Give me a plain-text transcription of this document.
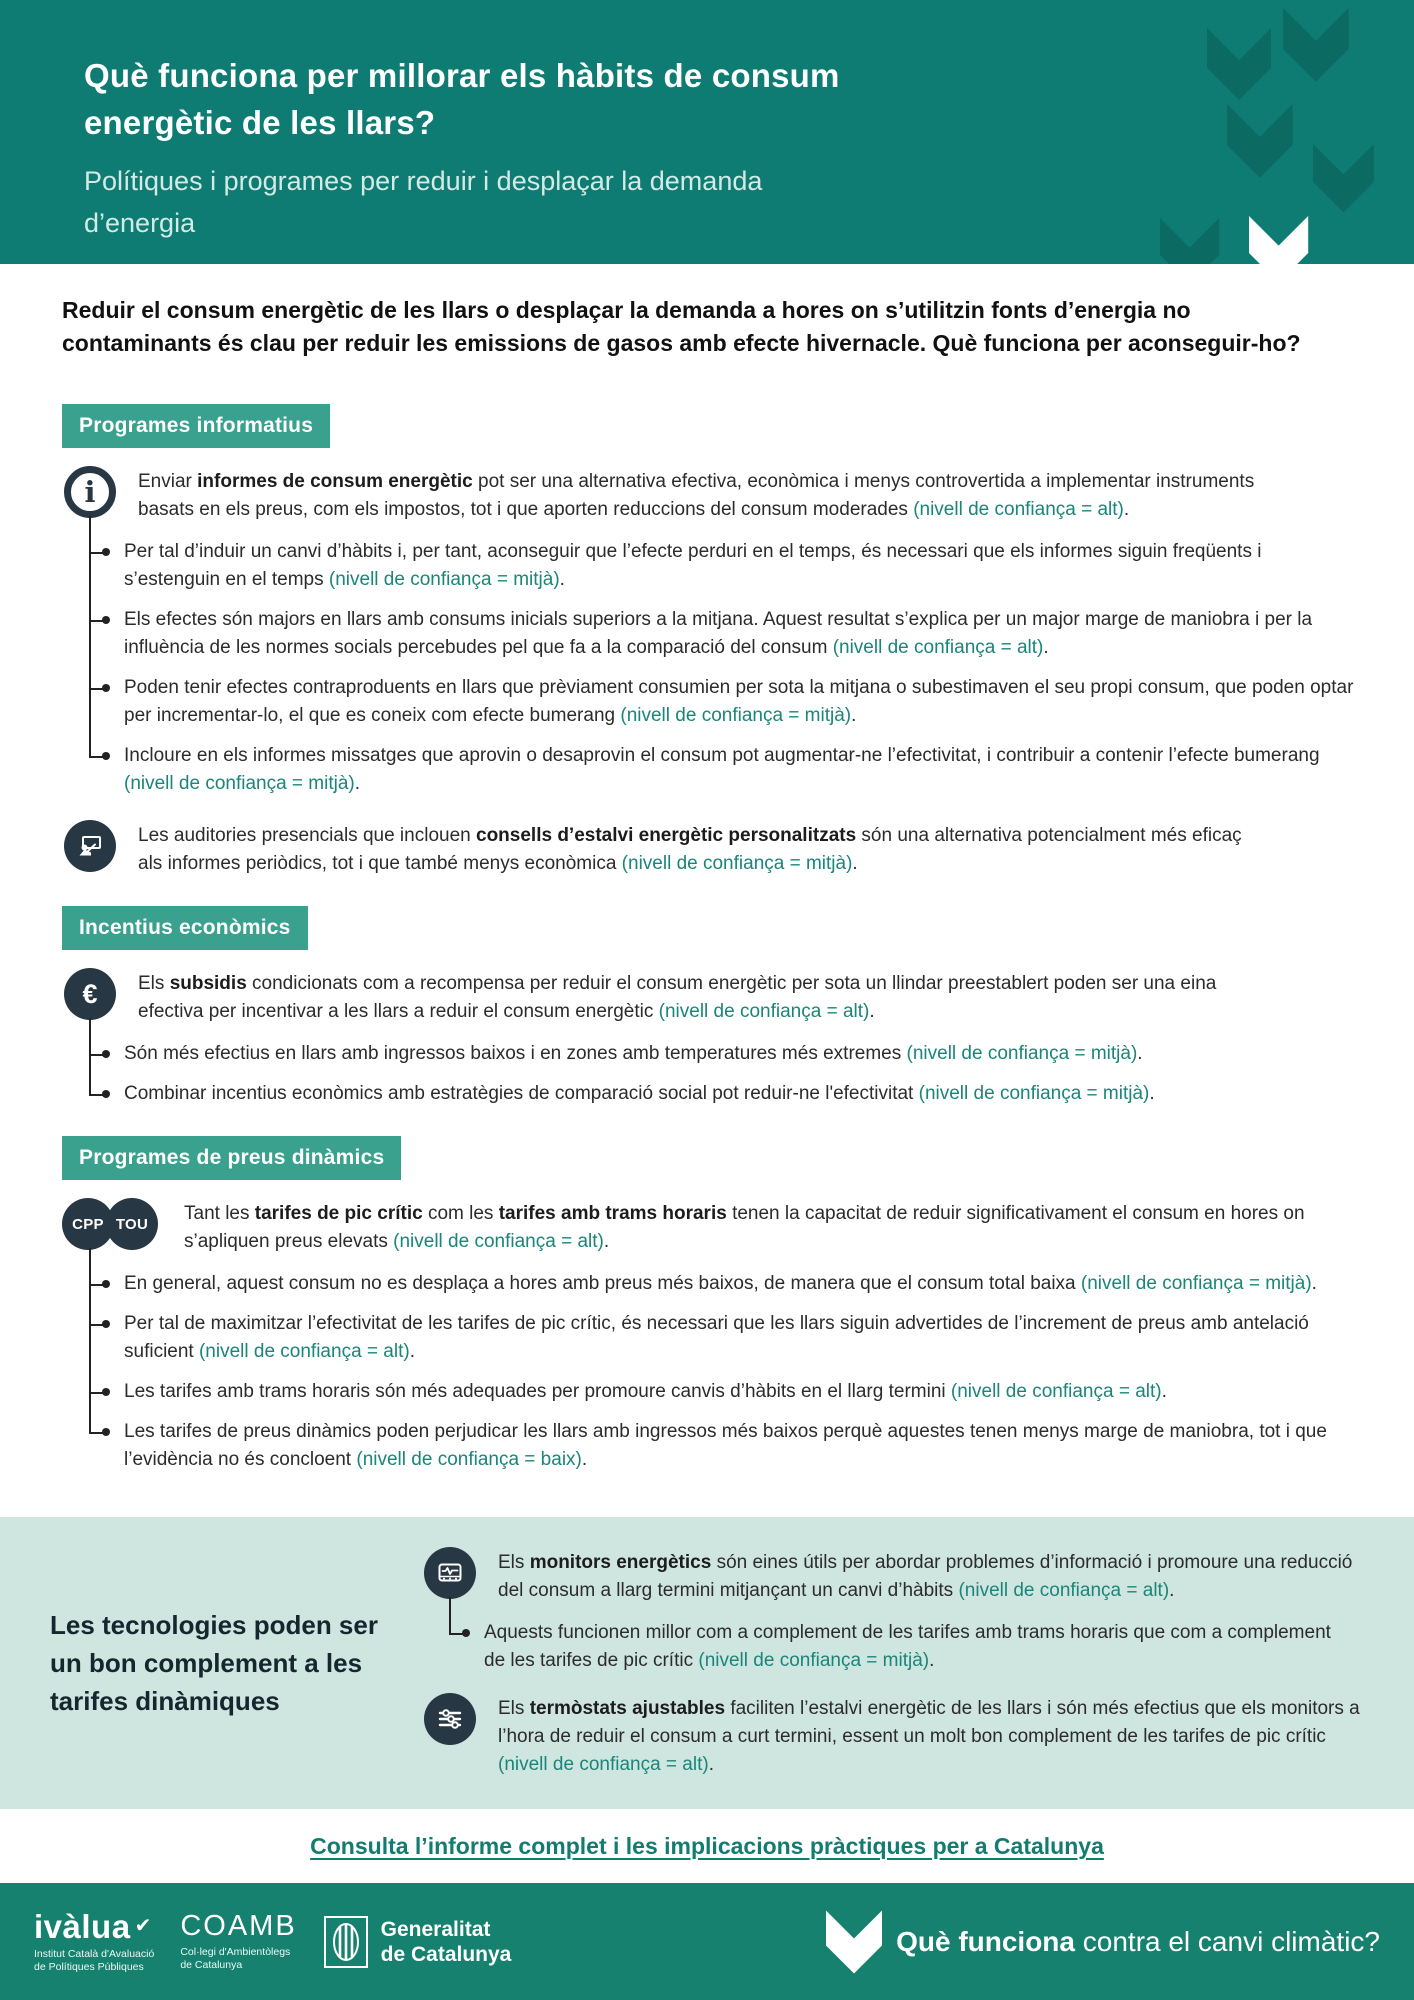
Què funciona per millorar els hàbits de consum energètic de les llars?
Polítiques i programes per reduir i desplaçar la demanda d’energia

Reduir el consum energètic de les llars o desplaçar la demanda a hores on s’utilitzin fonts d’energia no contaminants és clau per reduir les emissions de gasos amb efecte hivernacle. Què funciona per aconseguir-ho?

Programes informatius
i	Enviar informes de consum energètic pot ser una alternativa efectiva, econòmica i menys controvertida a implementar instruments basats en els preus, com els impostos, tot i que aporten reduccions del consum moderades (nivell de confiança = alt).

Per tal d’induir un canvi d’hàbits i, per tant, aconseguir que l’efecte perduri en el temps, és necessari que els informes siguin freqüents i s’estenguin en el temps (nivell de confiança = mitjà).

Els efectes són majors en llars amb consums inicials superiors a la mitjana. Aquest resultat s’explica per un major marge de maniobra i per la influència de les normes socials percebudes pel que fa a la comparació del consum (nivell de confiança = alt).

Poden tenir efectes contraproduents en llars que prèviament consumien per sota la mitjana o subestimaven el seu propi consum, que poden optar per incrementar-lo, el que es coneix com efecte bumerang (nivell de confiança = mitjà).

Incloure en els informes missatges que aprovin o desaprovin el consum pot augmentar-ne l’efectivitat, i contribuir a contenir l’efecte bumerang (nivell de confiança = mitjà).

Les auditories presencials que inclouen consells d’estalvi energètic personalitzats són una alternativa potencialment més eficaç als informes periòdics, tot i que també menys econòmica (nivell de confiança = mitjà).

Incentius econòmics
€	Els subsidis condicionats com a recompensa per reduir el consum energètic per sota un llindar preestablert poden ser una eina efectiva per incentivar a les llars a reduir el consum energètic (nivell de confiança = alt).

Són més efectius en llars amb ingressos baixos i en zones amb temperatures més extremes (nivell de confiança = mitjà).

Combinar incentius econòmics amb estratègies de comparació social pot reduir-ne l'efectivitat (nivell de confiança = mitjà).

Programes de preus dinàmics
CPP TOU	Tant les tarifes de pic crític com les tarifes amb trams horaris tenen la capacitat de reduir significativament el consum en hores on s’apliquen preus elevats (nivell de confiança = alt).

En general, aquest consum no es desplaça a hores amb preus més baixos, de manera que el consum total baixa (nivell de confiança = mitjà).

Per tal de maximitzar l’efectivitat de les tarifes de pic crític, és necessari que les llars siguin advertides de l’increment de preus amb antelació suficient (nivell de confiança = alt).

Les tarifes amb trams horaris són més adequades per promoure canvis d’hàbits en el llarg termini (nivell de confiança = alt).

Les tarifes de preus dinàmics poden perjudicar les llars amb ingressos més baixos perquè aquestes tenen menys marge de maniobra, tot i que l’evidència no és concloent (nivell de confiança = baix).

Les tecnologies poden ser un bon complement a les tarifes dinàmiques

Els monitors energètics són eines útils per abordar problemes d’informació i promoure una reducció del consum a llarg termini mitjançant un canvi d’hàbits (nivell de confiança = alt).

Aquests funcionen millor com a complement de les tarifes amb trams horaris que com a complement de les tarifes de pic crític (nivell de confiança = mitjà).

Els termòstats ajustables faciliten l’estalvi energètic de les llars i són més efectius que els monitors a l’hora de reduir el consum a curt termini, essent un molt bon complement de les tarifes de pic crític (nivell de confiança = alt).

Consulta l’informe complet i les implicacions pràctiques per a Catalunya
ivàlua ✔
Institut Català d'Avaluació
de Polítiques Públiques
COAMB
Col·legi d'Ambientòlegs
de Catalunya
Generalitat
de Catalunya	Què funciona contra el canvi climàtic?
